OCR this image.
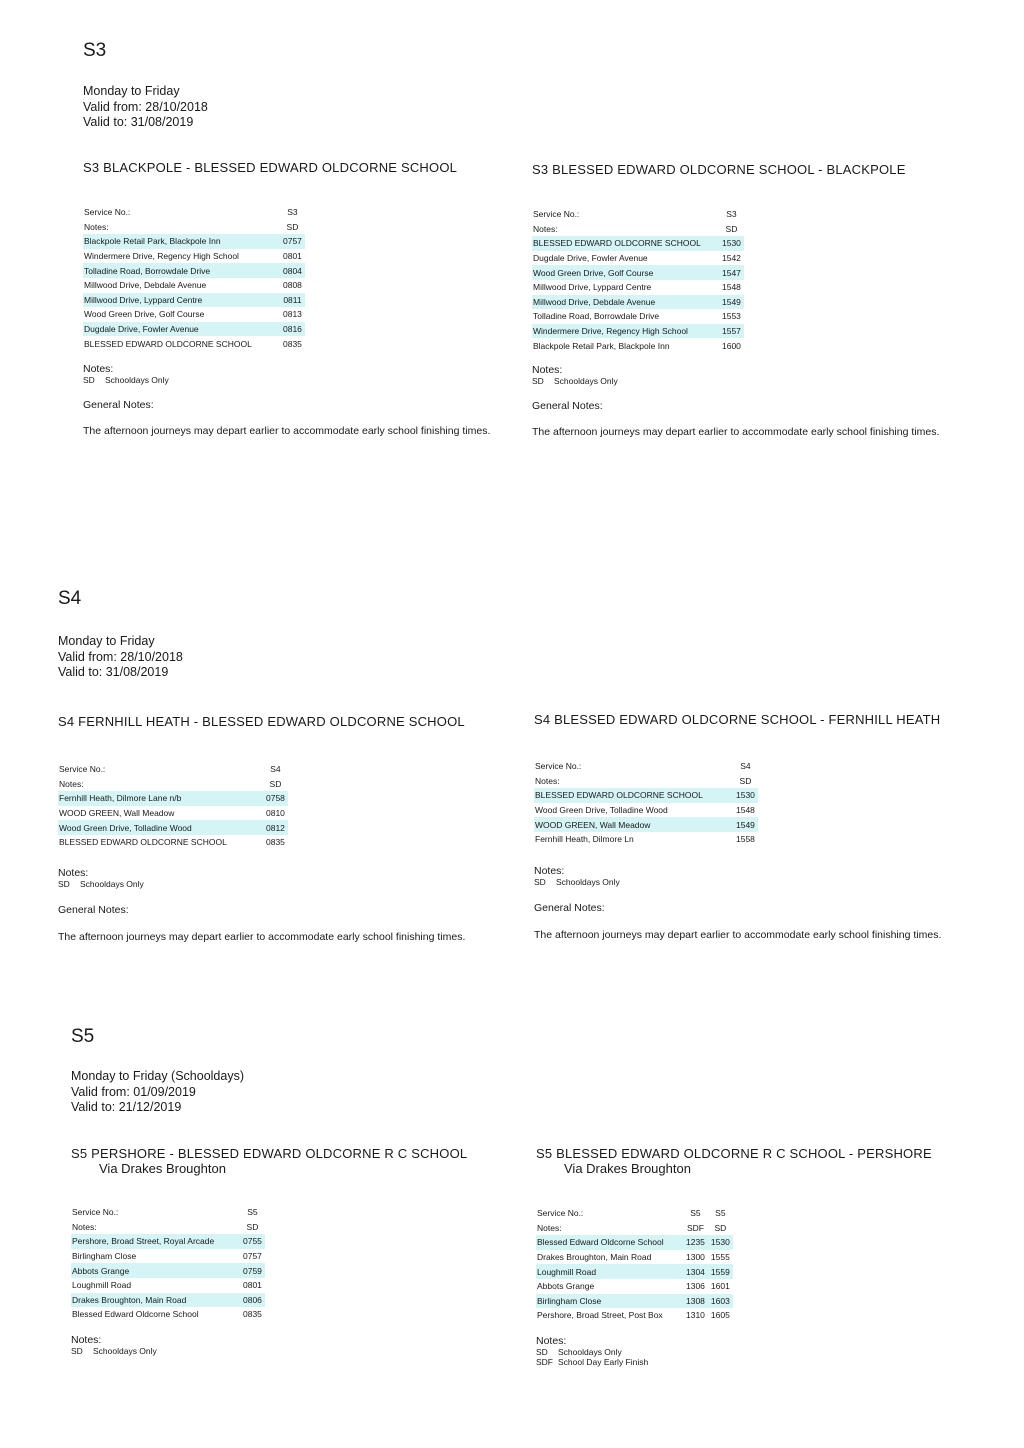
S3
Monday to Friday
Valid from: 28/10/2018
Valid to: 31/08/2019
S3 BLACKPOLE - BLESSED EDWARD OLDCORNE SCHOOL
Service No.:	S3
Notes:	SD
Blackpole Retail Park, Blackpole Inn	0757
Windermere Drive, Regency High School	0801
Tolladine Road, Borrowdale Drive	0804
Millwood Drive, Debdale Avenue	0808
Millwood Drive, Lyppard Centre	0811
Wood Green Drive, Golf Course	0813
Dugdale Drive, Fowler Avenue	0816
BLESSED EDWARD OLDCORNE SCHOOL	0835
Notes:
SD Schooldays Only
General Notes:
The afternoon journeys may depart earlier to accommodate early school finishing times.
S3 BLESSED EDWARD OLDCORNE SCHOOL - BLACKPOLE
Service No.:	S3
Notes:	SD
BLESSED EDWARD OLDCORNE SCHOOL	1530
Dugdale Drive, Fowler Avenue	1542
Wood Green Drive, Golf Course	1547
Millwood Drive, Lyppard Centre	1548
Millwood Drive, Debdale Avenue	1549
Tolladine Road, Borrowdale Drive	1553
Windermere Drive, Regency High School	1557
Blackpole Retail Park, Blackpole Inn	1600
Notes:
SD Schooldays Only
General Notes:
The afternoon journeys may depart earlier to accommodate early school finishing times.
S4
Monday to Friday
Valid from: 28/10/2018
Valid to: 31/08/2019
S4 FERNHILL HEATH - BLESSED EDWARD OLDCORNE SCHOOL
Service No.:	S4
Notes:	SD
Fernhill Heath, Dilmore Lane n/b	0758
WOOD GREEN, Wall Meadow	0810
Wood Green Drive, Tolladine Wood	0812
BLESSED EDWARD OLDCORNE SCHOOL	0835
Notes:
SD Schooldays Only
General Notes:
The afternoon journeys may depart earlier to accommodate early school finishing times.
S4 BLESSED EDWARD OLDCORNE SCHOOL - FERNHILL HEATH
Service No.:	S4
Notes:	SD
BLESSED EDWARD OLDCORNE SCHOOL	1530
Wood Green Drive, Tolladine Wood	1548
WOOD GREEN, Wall Meadow	1549
Fernhill Heath, Dilmore Ln	1558
Notes:
SD Schooldays Only
General Notes:
The afternoon journeys may depart earlier to accommodate early school finishing times.
S5
Monday to Friday (Schooldays)
Valid from: 01/09/2019
Valid to: 21/12/2019
S5 PERSHORE - BLESSED EDWARD OLDCORNE R C SCHOOL
Via Drakes Broughton
Service No.:	S5
Notes:	SD
Pershore, Broad Street, Royal Arcade	0755
Birlingham Close	0757
Abbots Grange	0759
Loughmill Road	0801
Drakes Broughton, Main Road	0806
Blessed Edward Oldcorne School	0835
Notes:
SD Schooldays Only
S5 BLESSED EDWARD OLDCORNE R C SCHOOL - PERSHORE
Via Drakes Broughton
Service No.:	S5	S5
Notes:	SDF	SD
Blessed Edward Oldcorne School	1235	1530
Drakes Broughton, Main Road	1300	1555
Loughmill Road	1304	1559
Abbots Grange	1306	1601
Birlingham Close	1308	1603
Pershore, Broad Street, Post Box	1310	1605
Notes:
SD Schooldays Only
SDF School Day Early Finish
